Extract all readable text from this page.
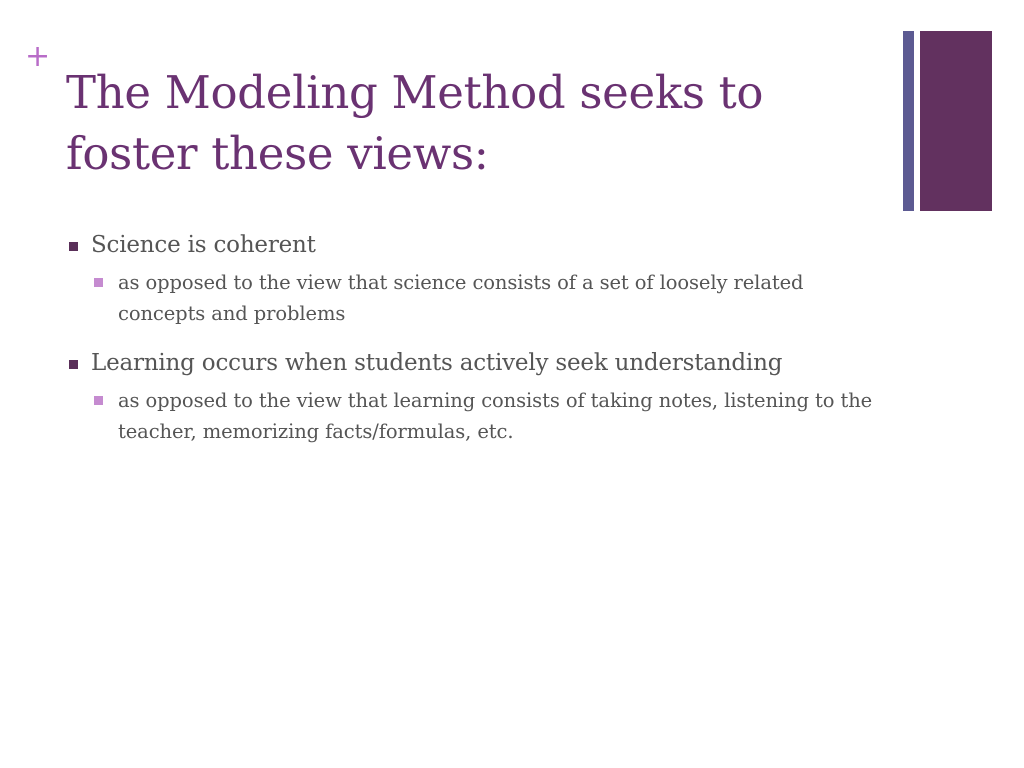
+
The Modeling Method seeks to foster these views:
Science is coherent
as opposed to the view that science consists of a set of loosely related concepts and problems
Learning occurs when students actively seek understanding
as opposed to the view that learning consists of taking notes, listening to the teacher, memorizing facts/formulas, etc.
